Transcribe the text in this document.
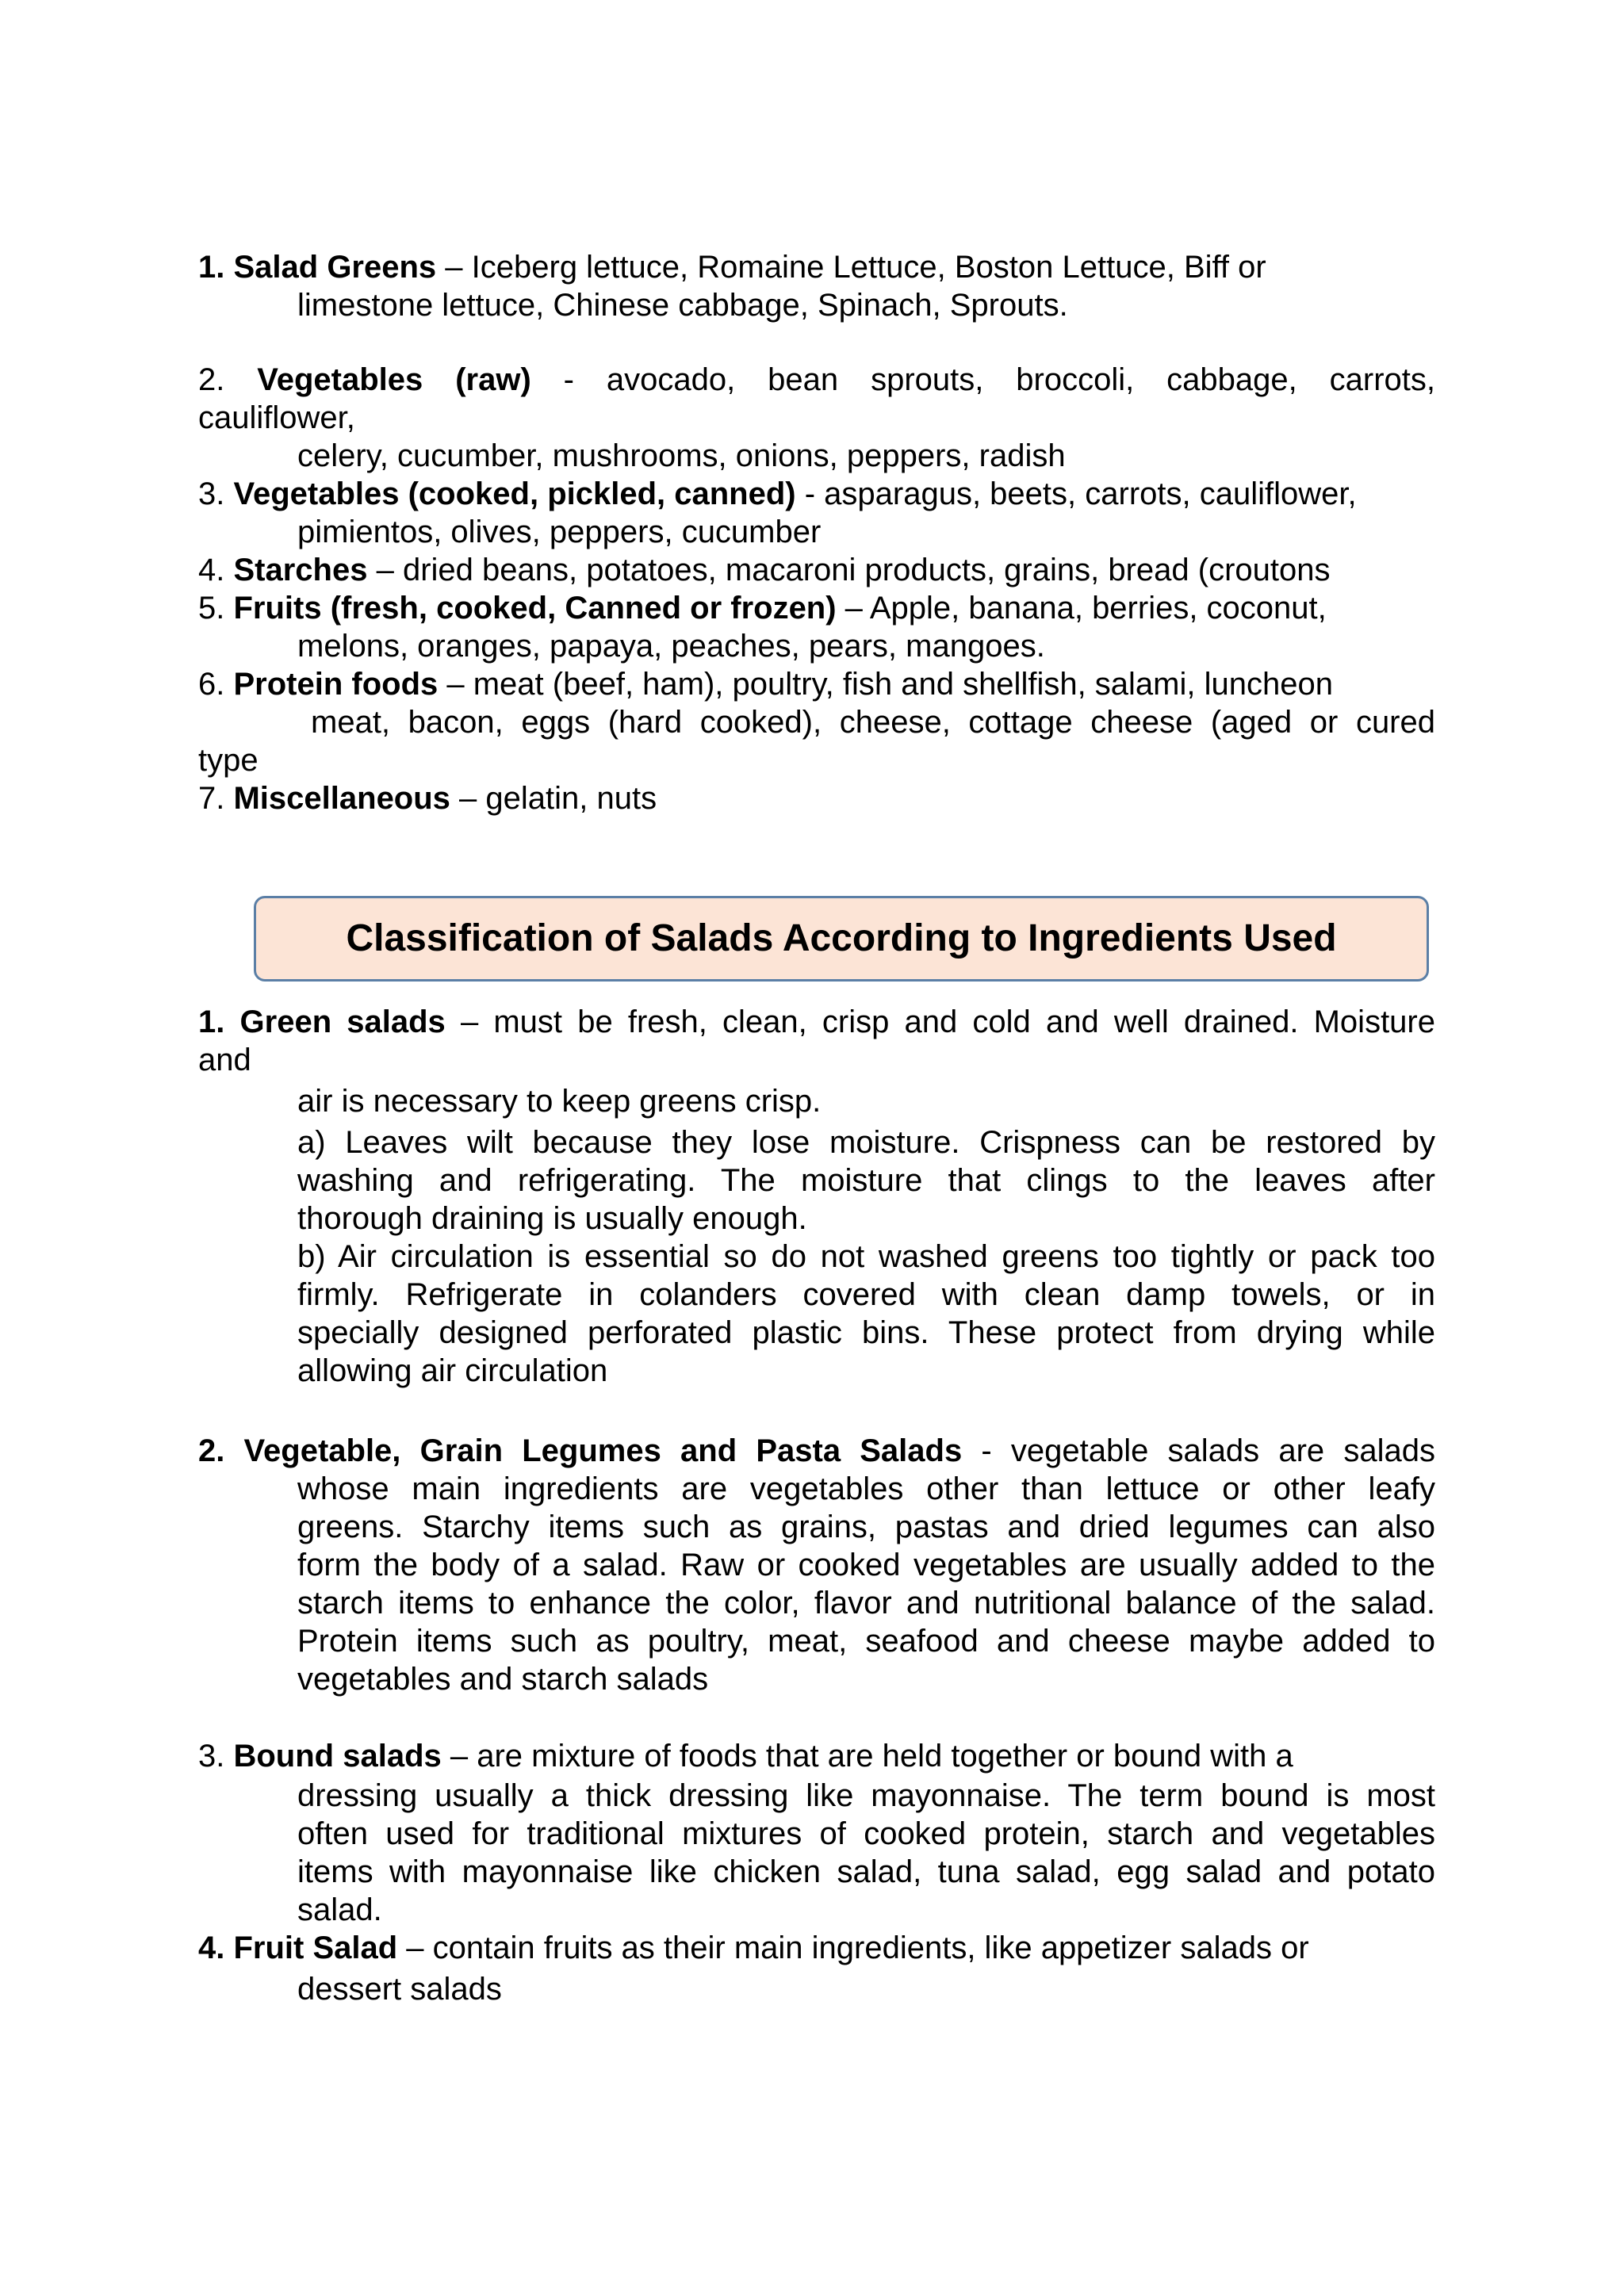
1. Salad Greens – Iceberg lettuce, Romaine Lettuce, Boston Lettuce, Biff or
limestone lettuce, Chinese cabbage, Spinach, Sprouts.
2. Vegetables (raw) - avocado, bean sprouts, broccoli, cabbage, carrots,
cauliflower,
celery, cucumber, mushrooms, onions, peppers, radish
3. Vegetables (cooked, pickled, canned) - asparagus, beets, carrots, cauliflower,
pimientos, olives, peppers, cucumber
4. Starches – dried beans, potatoes, macaroni products, grains, bread (croutons
5. Fruits (fresh, cooked, Canned or frozen) – Apple, banana, berries, coconut,
melons, oranges, papaya, peaches, pears, mangoes.
6. Protein foods – meat (beef, ham), poultry, fish and shellfish, salami, luncheon
meat, bacon, eggs (hard cooked), cheese, cottage cheese (aged or cured
type
7. Miscellaneous – gelatin, nuts
Classification of Salads According to Ingredients Used
1. Green salads – must be fresh, clean, crisp and cold and well drained. Moisture
and
air is necessary to keep greens crisp.
a) Leaves wilt because they lose moisture. Crispness can be restored by
washing and refrigerating. The moisture that clings to the leaves after
thorough draining is usually enough.
b) Air circulation is essential so do not washed greens too tightly or pack too
firmly. Refrigerate in colanders covered with clean damp towels, or in
specially designed perforated plastic bins. These protect from drying while
allowing air circulation
2. Vegetable, Grain Legumes and Pasta Salads - vegetable salads are salads
whose main ingredients are vegetables other than lettuce or other leafy
greens. Starchy items such as grains, pastas and dried legumes can also
form the body of a salad. Raw or cooked vegetables are usually added to the
starch items to enhance the color, flavor and nutritional balance of the salad.
Protein items such as poultry, meat, seafood and cheese maybe added to
vegetables and starch salads
3. Bound salads – are mixture of foods that are held together or bound with a
dressing usually a thick dressing like mayonnaise. The term bound is most
often used for traditional mixtures of cooked protein, starch and vegetables
items with mayonnaise like chicken salad, tuna salad, egg salad and potato
salad.
4. Fruit Salad – contain fruits as their main ingredients, like appetizer salads or
dessert salads
